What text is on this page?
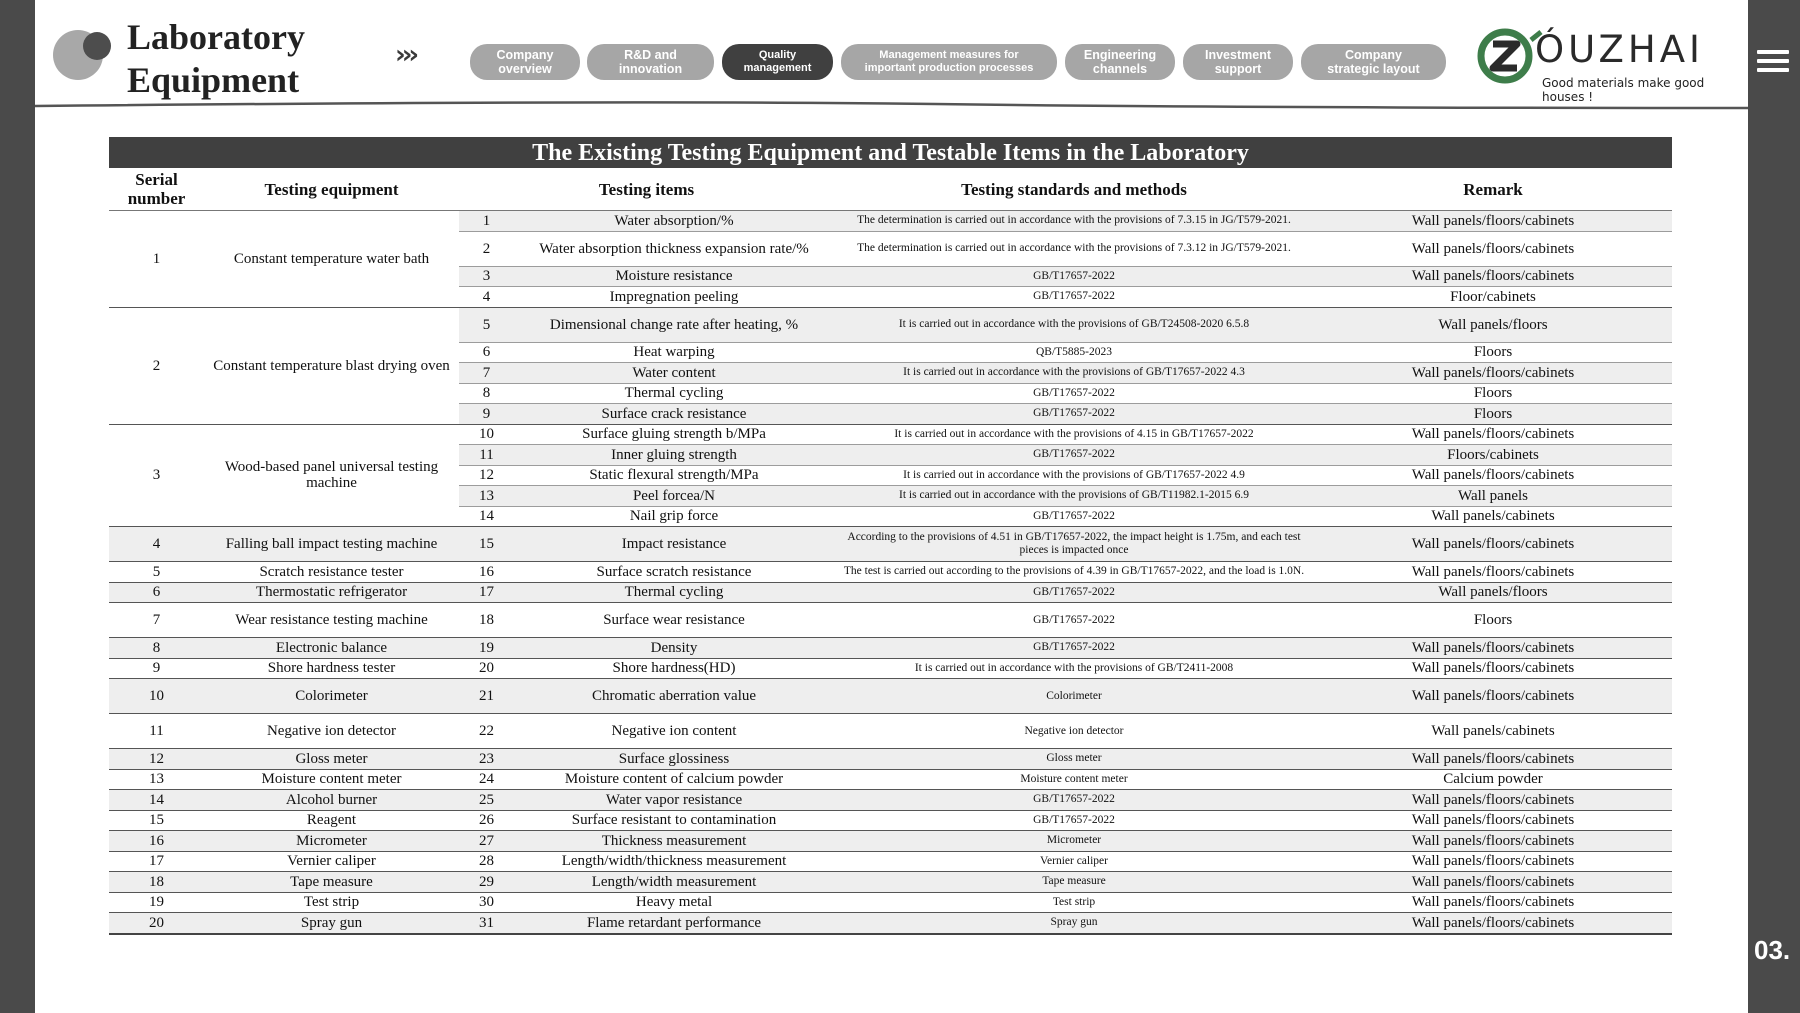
Laboratory
Equipment
›››	Company
overview
R&D and
innovation
Quality
management
Management measures for
important production processes
Engineering
channels
Investment
support
Company
strategic layout	ÓUZHAI
Good materials make good houses !
The Existing Testing Equipment and Testable Items in the Laboratory
Serial
number	Testing equipment	Testing items		Testing standards and methods	Remark
1	Constant temperature water bath	1	Water absorption/%	The determination is carried out in accordance with the provisions of 7.3.15 in JG/T579-2021.	Wall panels/floors/cabinets
		2	Water absorption thickness expansion rate/%	The determination is carried out in accordance with the provisions of 7.3.12 in JG/T579-2021.	Wall panels/floors/cabinets
		3	Moisture resistance	GB/T17657-2022	Wall panels/floors/cabinets
		4	Impregnation peeling	GB/T17657-2022	Floor/cabinets
2	Constant temperature blast drying oven	5	Dimensional change rate after heating, %	It is carried out in accordance with the provisions of GB/T24508-2020 6.5.8	Wall panels/floors
		6	Heat warping	QB/T5885-2023	Floors
		7	Water content	It is carried out in accordance with the provisions of GB/T17657-2022 4.3	Wall panels/floors/cabinets
		8	Thermal cycling	GB/T17657-2022	Floors
		9	Surface crack resistance	GB/T17657-2022	Floors
3	Wood-based panel universal testing machine	10	Surface gluing strength b/MPa	It is carried out in accordance with the provisions of 4.15 in GB/T17657-2022	Wall panels/floors/cabinets
		11	Inner gluing strength	GB/T17657-2022	Floors/cabinets
		12	Static flexural strength/MPa	It is carried out in accordance with the provisions of GB/T17657-2022 4.9	Wall panels/floors/cabinets
		13	Peel forcea/N	It is carried out in accordance with the provisions of GB/T11982.1-2015 6.9	Wall panels
		14	Nail grip force	GB/T17657-2022	Wall panels/cabinets
4	Falling ball impact testing machine	15	Impact resistance	According to the provisions of 4.51 in GB/T17657-2022, the impact height is 1.75m, and each test pieces is impacted once	Wall panels/floors/cabinets
5	Scratch resistance tester	16	Surface scratch resistance	The test is carried out according to the provisions of 4.39 in GB/T17657-2022, and the load is 1.0N.	Wall panels/floors/cabinets
6	Thermostatic refrigerator	17	Thermal cycling	GB/T17657-2022	Wall panels/floors
7	Wear resistance testing machine	18	Surface wear resistance	GB/T17657-2022	Floors
8	Electronic balance	19	Density	GB/T17657-2022	Wall panels/floors/cabinets
9	Shore hardness tester	20	Shore hardness(HD)	It is carried out in accordance with the provisions of GB/T2411-2008	Wall panels/floors/cabinets
10	Colorimeter	21	Chromatic aberration value	Colorimeter	Wall panels/floors/cabinets
11	Negative ion detector	22	Negative ion content	Negative ion detector	Wall panels/cabinets
12	Gloss meter	23	Surface glossiness	Gloss meter	Wall panels/floors/cabinets
13	Moisture content meter	24	Moisture content of calcium powder	Moisture content meter	Calcium powder
14	Alcohol burner	25	Water vapor resistance	GB/T17657-2022	Wall panels/floors/cabinets
15	Reagent	26	Surface resistant to contamination	GB/T17657-2022	Wall panels/floors/cabinets
16	Micrometer	27	Thickness measurement	Micrometer	Wall panels/floors/cabinets
17	Vernier caliper	28	Length/width/thickness measurement	Vernier caliper	Wall panels/floors/cabinets
18	Tape measure	29	Length/width measurement	Tape measure	Wall panels/floors/cabinets
19	Test strip	30	Heavy metal	Test strip	Wall panels/floors/cabinets
20	Spray gun	31	Flame retardant performance	Spray gun	Wall panels/floors/cabinets
03.
